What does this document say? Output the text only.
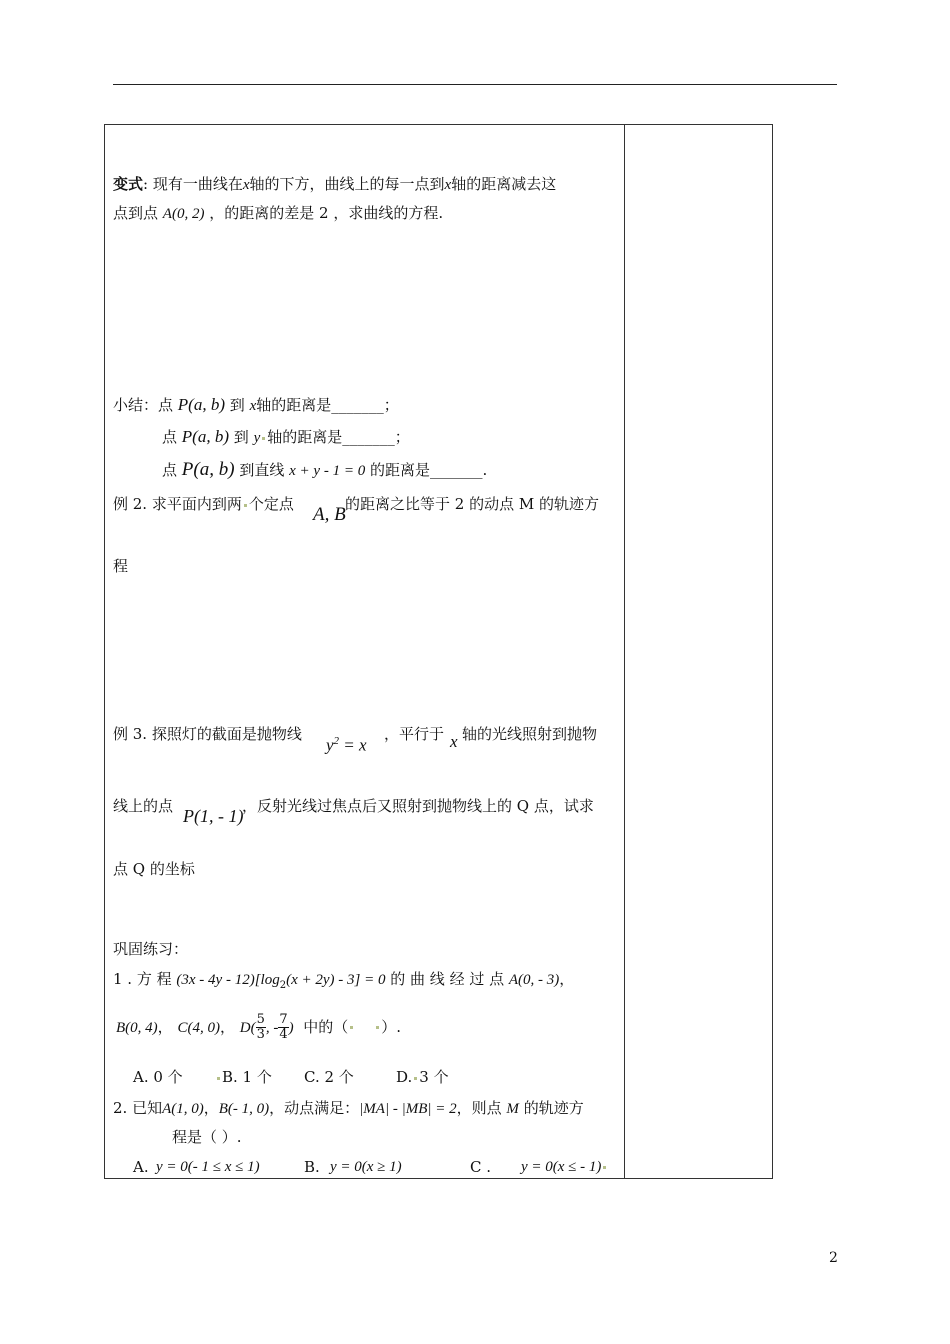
变式: 现有一曲线在x轴的下方，曲线上的每一点到x轴的距离减去这
点到点 A(0, 2) ，的距离的差是 2 ，求曲线的方程.
小结：点 P(a, b) 到 x轴的距离是_______；
点 P(a, b) 到 y 轴的距离是_______；
点 P(a, b) 到直线 x + y - 1 = 0 的距离是_______.
例 2. 求平面内到两 个定点 A, B 的距离之比等于 2 的动点 M 的轨迹方
程
例 3. 探照灯的截面是抛物线
$y^2 = x$
，平行于 x 轴的光线照射到抛物
线上的点 P(1, - 1)
，反射光线过焦点后又照射到抛物线上的 Q 点，试求
点 Q 的坐标
巩固练习：
1 . 方 程 $(3x - 4y - 12)[\log_2(x + 2y) - 3] = 0$ 的 曲 线 经 过 点 A(0, - 3)，
B(0, 4)， C(4, 0)， $D( \frac{5}{3}$ , - $\frac{7}{4}$ ) 中的（ ）.
A. 0 个	B. 1 个 C. 2 个	D. 3 个
2. 已知A(1, 0)，B(- 1, 0)，动点满足：|MA| - |MB| = 2，则点 M 的轨迹方
程是（ ）.
A. y = 0(- 1 ≤ x ≤ 1)	B. y = 0(x ≥ 1)	C . y = 0(x ≤ - 1)
2
